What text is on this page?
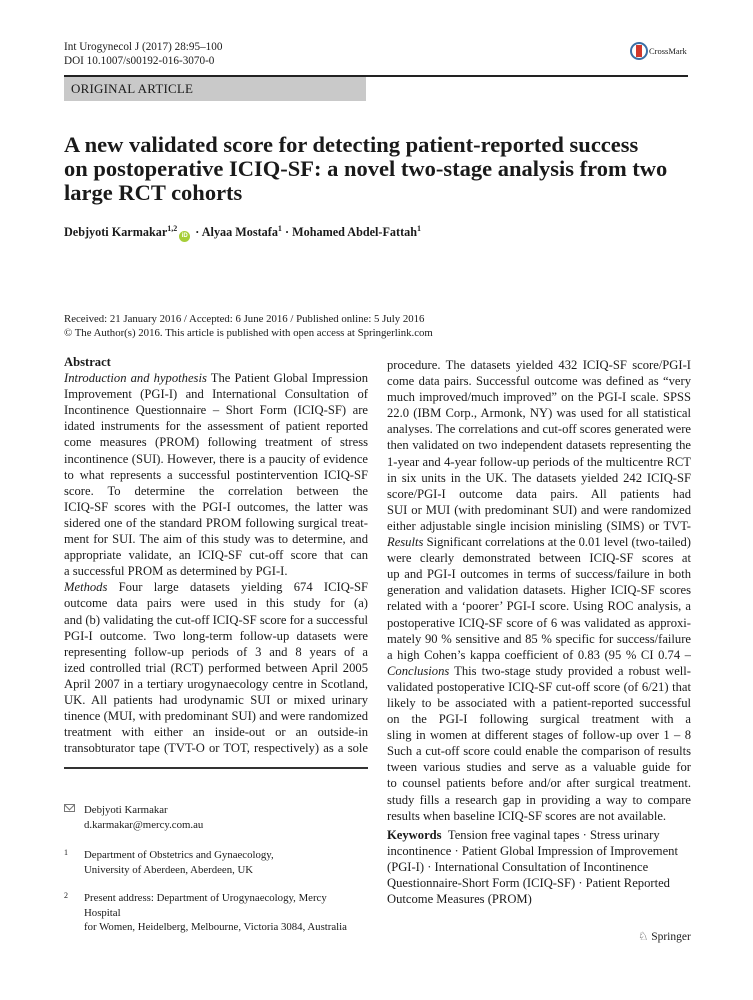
Int Urogynecol J (2017) 28:95–100
DOI 10.1007/s00192-016-3070-0
CrossMark
ORIGINAL ARTICLE
A new validated score for detecting patient-reported success
on postoperative ICIQ-SF: a novel two-stage analysis from two
large RCT cohorts
Debjyoti Karmakar$^{1,2}$iD · Alyaa Mostafa$^1$ · Mohamed Abdel-Fattah$^1$
Received: 21 January 2016 / Accepted: 6 June 2016 / Published online: 5 July 2016
© The Author(s) 2016. This article is published with open access at Springerlink.com
Abstract
Introduction and hypothesis The Patient Global Impression
Improvement (PGI-I) and International Consultation of
Incontinence Questionnaire – Short Form (ICIQ-SF) are
idated instruments for the assessment of patient reported
come measures (PROM) following treatment of stress
incontinence (SUI). However, there is a paucity of evidence
to what represents a successful postintervention ICIQ-SF
score. To determine the correlation between the
ICIQ-SF scores with the PGI-I outcomes, the latter was
sidered one of the standard PROM following surgical treat-
ment for SUI. The aim of this study was to determine, and
appropriate validate, an ICIQ-SF cut-off score that can
a successful PROM as determined by PGI-I.
Methods Four large datasets yielding 674 ICIQ-SF
outcome data pairs were used in this study for (a)
and (b) validating the cut-off ICIQ-SF score for a successful
PGI-I outcome. Two long-term follow-up datasets were
representing follow-up periods of 3 and 8 years of a
ized controlled trial (RCT) performed between April 2005
April 2007 in a tertiary urogynaecology centre in Scotland,
UK. All patients had urodynamic SUI or mixed urinary
tinence (MUI, with predominant SUI) and were randomized
treatment with either an inside-out or an outside-in
transobturator tape (TVT-O or TOT, respectively) as a sole
procedure. The datasets yielded 432 ICIQ-SF score/PGI-I
come data pairs. Successful outcome was defined as “very
much improved/much improved” on the PGI-I scale. SPSS
22.0 (IBM Corp., Armonk, NY) was used for all statistical
analyses. The correlations and cut-off scores generated were
then validated on two independent datasets representing the
1-year and 4-year follow-up periods of the multicentre RCT
in six units in the UK. The datasets yielded 242 ICIQ-SF
score/PGI-I outcome data pairs. All patients had
SUI or MUI (with predominant SUI) and were randomized
either adjustable single incision minisling (SIMS) or TVT-
Results Significant correlations at the 0.01 level (two-tailed)
were clearly demonstrated between ICIQ-SF scores at
up and PGI-I outcomes in terms of success/failure in both
generation and validation datasets. Higher ICIQ-SF scores
related with a ‘poorer’ PGI-I score. Using ROC analysis, a
postoperative ICIQ-SF score of 6 was validated as approxi-
mately 90 % sensitive and 85 % specific for success/failure
a high Cohen’s kappa coefficient of 0.83 (95 % CI 0.74 –
Conclusions This two-stage study provided a robust well-
validated postoperative ICIQ-SF cut-off score (of 6/21) that
likely to be associated with a patient-reported successful
on the PGI-I following surgical treatment with a
sling in women at different stages of follow-up over 1 – 8
Such a cut-off score could enable the comparison of results
tween various studies and serve as a valuable guide for
to counsel patients before and/or after surgical treatment.
study fills a research gap in providing a way to compare
results when baseline ICIQ-SF scores are not available.
Debjyoti Karmakar
d.karmakar@mercy.com.au
1 Department of Obstetrics and Gynaecology,
University of Aberdeen, Aberdeen, UK
2 Present address: Department of Urogynaecology, Mercy Hospital
for Women, Heidelberg, Melbourne, Victoria 3084, Australia
Keywords Tension free vaginal tapes · Stress urinary incontinence · Patient Global Impression of Improvement (PGI-I) · International Consultation of Incontinence Questionnaire-Short Form (ICIQ-SF) · Patient Reported Outcome Measures (PROM)
♘ Springer
